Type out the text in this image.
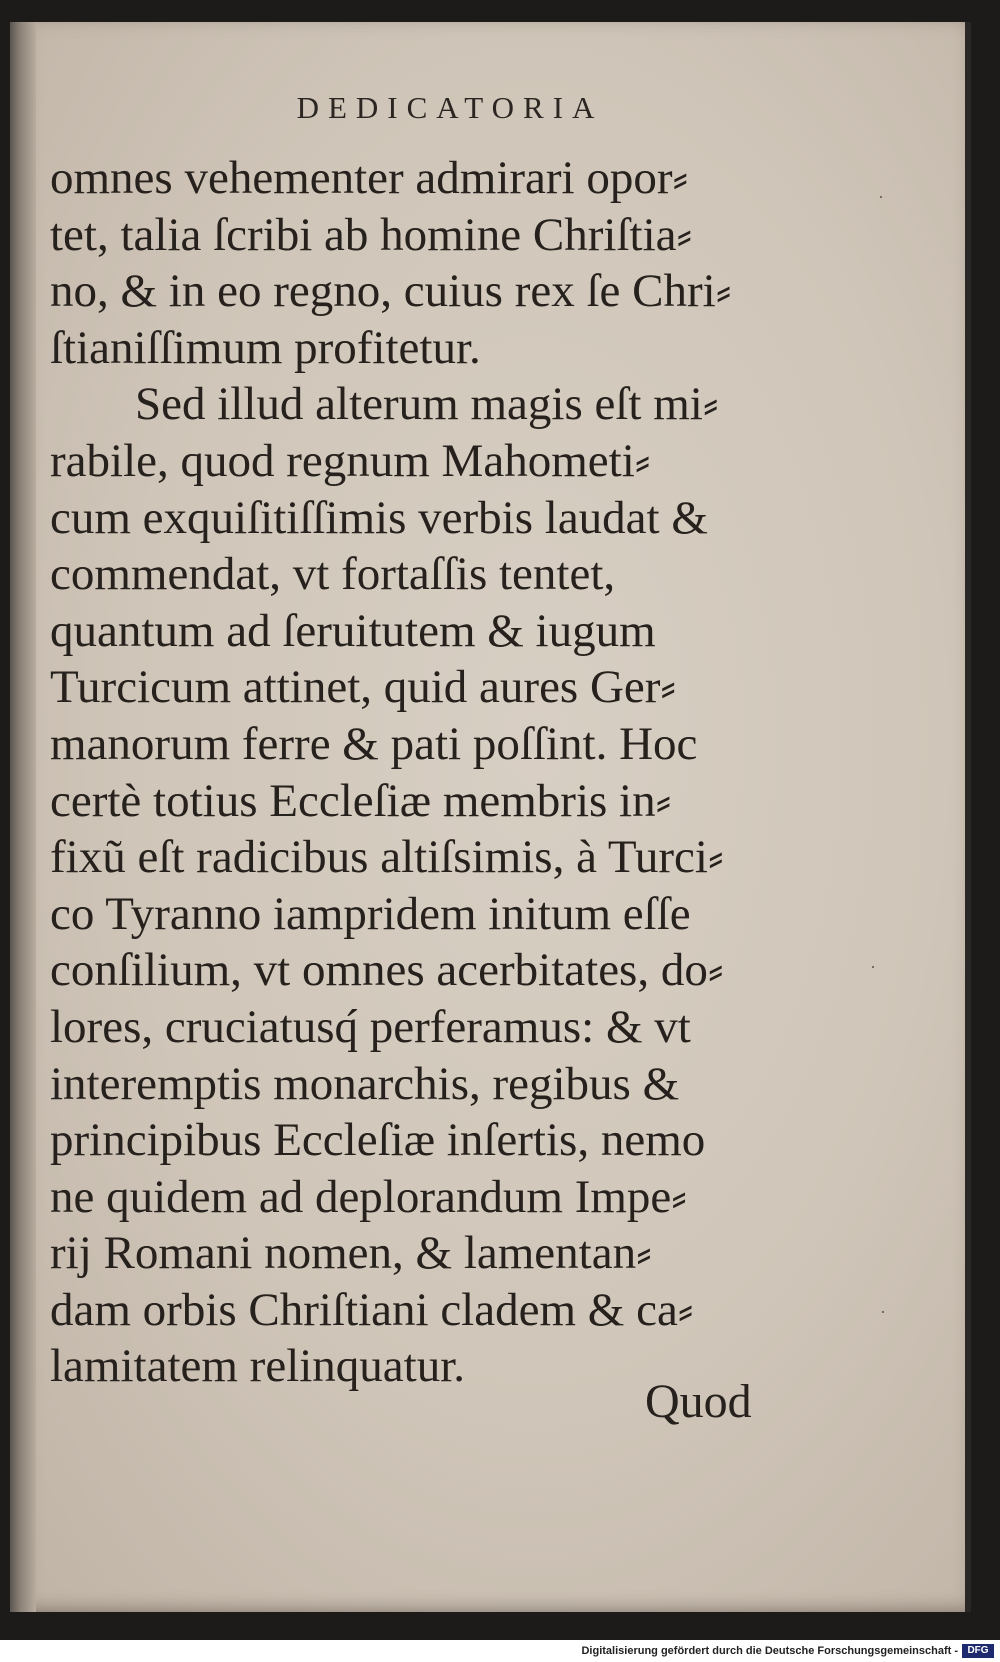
DEDICATORIA
omnes vehementer admirari opor⸗
tet, talia ſcribi ab homine Chriſtia⸗
no, & in eo regno, cuius rex ſe Chri⸗
ſtianiſſimum profitetur.
Sed illud alterum magis eſt mi⸗
rabile, quod regnum Mahometi⸗
cum exquiſitiſſimis verbis laudat &
commendat, vt fortaſſis tentet,
quantum ad ſeruitutem & iugum
Turcicum attinet, quid aures Ger⸗
manorum ferre & pati poſſint. Hoc
certè totius Eccleſiæ membris in⸗
fixũ eſt radicibus altiſsimis, à Turci⸗
co Tyranno iampridem initum eſſe
conſilium, vt omnes acerbitates, do⸗
lores, cruciatusq́ perferamus: & vt
interemptis monarchis, regibus &
principibus Eccleſiæ inſertis, nemo
ne quidem ad deplorandum Impe⸗
rij Romani nomen, & lamentan⸗
dam orbis Chriſtiani cladem & ca⸗
lamitatem relinquatur.
Quod
·
·
·
Digitalisierung gefördert durch die Deutsche Forschungsgemeinschaft - DFG
